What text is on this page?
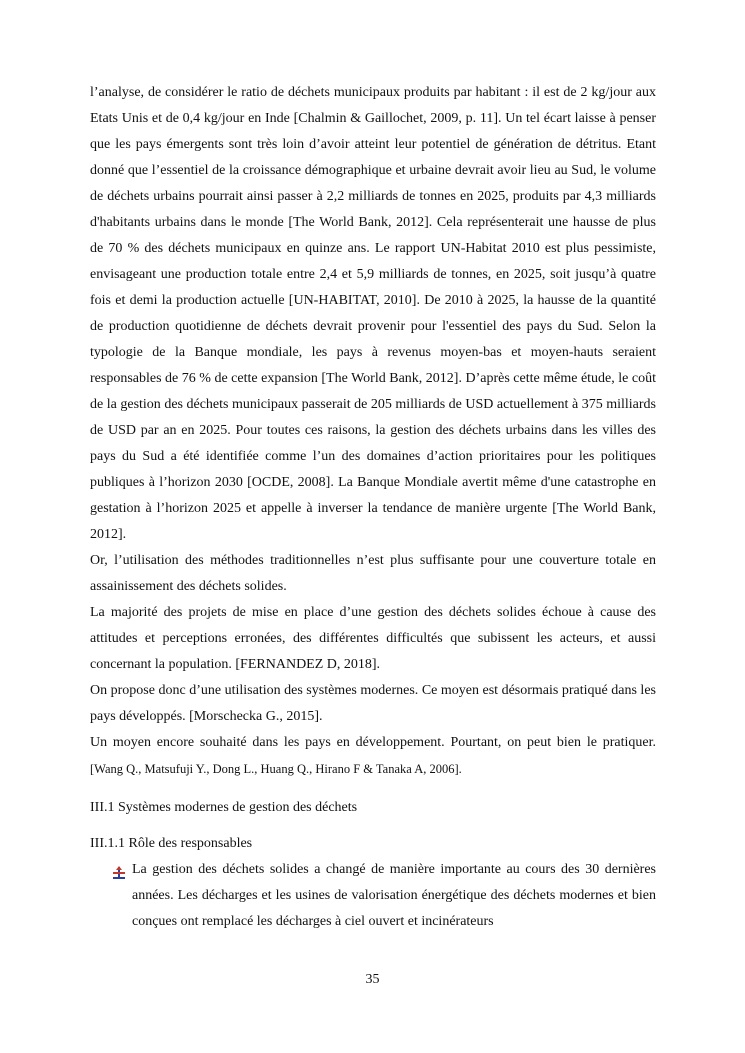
l’analyse, de considérer le ratio de déchets municipaux produits par habitant : il est de 2 kg/jour aux Etats Unis et de 0,4 kg/jour en Inde [Chalmin & Gaillochet, 2009, p. 11]. Un tel écart laisse à penser que les pays émergents sont très loin d’avoir atteint leur potentiel de génération de détritus. Etant donné que l’essentiel de la croissance démographique et urbaine devrait avoir lieu au Sud, le volume de déchets urbains pourrait ainsi passer à 2,2 milliards de tonnes en 2025, produits par 4,3 milliards d'habitants urbains dans le monde [The World Bank, 2012]. Cela représenterait une hausse de plus de 70 % des déchets municipaux en quinze ans. Le rapport UN-Habitat 2010 est plus pessimiste, envisageant une production totale entre 2,4 et 5,9 milliards de tonnes, en 2025, soit jusqu’à quatre fois et demi la production actuelle [UN-HABITAT, 2010]. De 2010 à 2025, la hausse de la quantité de production quotidienne de déchets devrait provenir pour l'essentiel des pays du Sud. Selon la typologie de la Banque mondiale, les pays à revenus moyen-bas et moyen-hauts seraient responsables de 76 % de cette expansion [The World Bank, 2012]. D’après cette même étude, le coût de la gestion des déchets municipaux passerait de 205 milliards de USD actuellement à 375 milliards de USD par an en 2025. Pour toutes ces raisons, la gestion des déchets urbains dans les villes des pays du Sud a été identifiée comme l’un des domaines d’action prioritaires pour les politiques publiques à l’horizon 2030 [OCDE, 2008]. La Banque Mondiale avertit même d'une catastrophe en gestation à l’horizon 2025 et appelle à inverser la tendance de manière urgente [The World Bank, 2012].

Or, l’utilisation des méthodes traditionnelles n’est plus suffisante pour une couverture totale en assainissement des déchets solides.

La majorité des projets de mise en place d’une gestion des déchets solides échoue à cause des attitudes et perceptions erronées, des différentes difficultés que subissent les acteurs, et aussi concernant la population. [FERNANDEZ D, 2018].

On propose donc d’une utilisation des systèmes modernes. Ce moyen est désormais pratiqué dans les pays développés. [Morschecka G., 2015].

Un moyen encore souhaité dans les pays en développement. Pourtant, on peut bien le pratiquer. [Wang Q., Matsufuji Y., Dong L., Huang Q., Hirano F & Tanaka A, 2006].

III.1 Systèmes modernes de gestion des déchets

III.1.1 Rôle des responsables

La gestion des déchets solides a changé de manière importante au cours des 30 dernières années. Les décharges et les usines de valorisation énergétique des déchets modernes et bien conçues ont remplacé les décharges à ciel ouvert et incinérateurs
35
